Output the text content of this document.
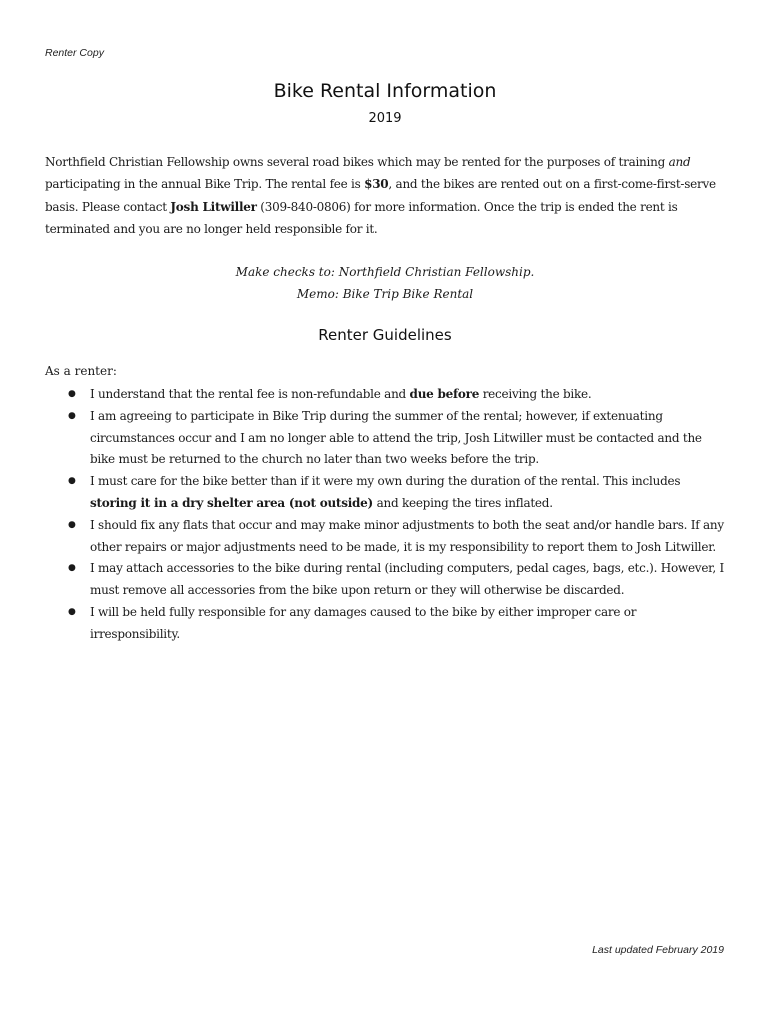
Renter Copy
Bike Rental Information
2019

Northfield Christian Fellowship owns several road bikes which may be rented for the purposes of training and participating in the annual Bike Trip. The rental fee is $30, and the bikes are rented out on a first-come-first-serve basis. Please contact Josh Litwiller (309-840-0806) for more information. Once the trip is ended the rent is terminated and you are no longer held responsible for it.

Make checks to: Northfield Christian Fellowship.
Memo: Bike Trip Bike Rental
Renter Guidelines
As a renter:
● I understand that the rental fee is non-refundable and due before receiving the bike.
● I am agreeing to participate in Bike Trip during the summer of the rental; however, if extenuating circumstances occur and I am no longer able to attend the trip, Josh Litwiller must be contacted and the bike must be returned to the church no later than two weeks before the trip.
● I must care for the bike better than if it were my own during the duration of the rental. This includes storing it in a dry shelter area (not outside) and keeping the tires inflated.
● I should fix any flats that occur and may make minor adjustments to both the seat and/or handle bars. If any other repairs or major adjustments need to be made, it is my responsibility to report them to Josh Litwiller.
● I may attach accessories to the bike during rental (including computers, pedal cages, bags, etc.). However, I must remove all accessories from the bike upon return or they will otherwise be discarded.
● I will be held fully responsible for any damages caused to the bike by either improper care or irresponsibility.
Last updated February 2019
